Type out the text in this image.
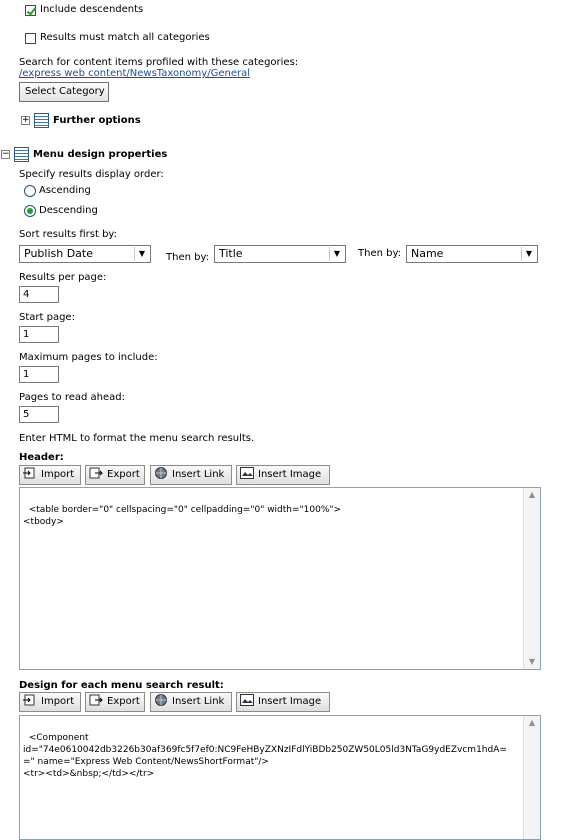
Include descendents
Results must match all categories
Search for content items profiled with these categories:
/express web content/NewsTaxonomy/General
Select Category
+ Further options
− Menu design properties
Specify results display order:
Ascending
Descending
Sort results first by:
Publish Date	▼	Then by: Title	▼	Then by: Name	▼
Results per page:
4
Start page:
1
Maximum pages to include:
1
Pages to read ahead:
5
Enter HTML to format the menu search results.
Header:
Import	Export	Insert Link	Insert Image

<table border="0" cellspacing="0" cellpadding="0" width="100%">
<tbody>

▲

▼

Design for each menu search result:
Import	Export	Insert Link	Insert Image

<Component
id="74e0610042db3226b30af369fc5f7ef0:NC9FeHByZXNzIFdlYiBDb250ZW50L05ld3NTaG9ydEZvcm1hdA==" name="Express Web Content/NewsShortFormat"/>
<tr><td>&nbsp;</td></tr>

▲
